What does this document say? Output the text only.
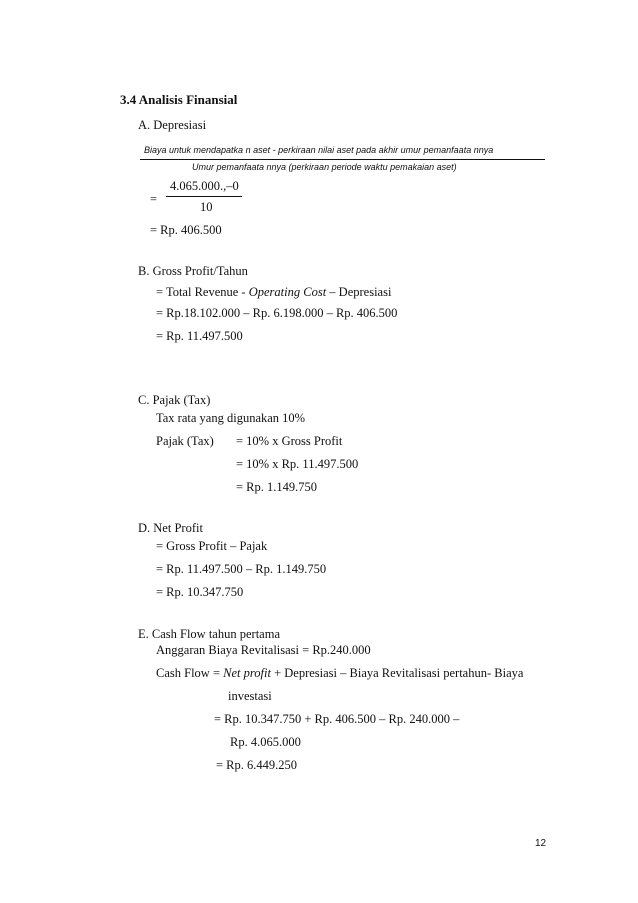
3.4 Analisis Finansial
A. Depresiasi
Biaya untuk mendapatka n aset - perkiraan nilai aset pada akhir umur pemanfaata nnya
Umur pemanfaata nnya (perkiraan periode waktu pemakaian aset)
=
4.065.000.,–0
10
= Rp. 406.500
B. Gross Profit/Tahun
= Total Revenue - Operating Cost – Depresiasi
= Rp.18.102.000 – Rp. 6.198.000 – Rp. 406.500
= Rp. 11.497.500
C. Pajak (Tax)
Tax rata yang digunakan 10%
Pajak (Tax) = 10% x Gross Profit
= 10% x Rp. 11.497.500
= Rp. 1.149.750
D. Net Profit
= Gross Profit – Pajak
= Rp. 11.497.500 – Rp. 1.149.750
= Rp. 10.347.750
E. Cash Flow tahun pertama
Anggaran Biaya Revitalisasi = Rp.240.000
Cash Flow = Net profit + Depresiasi – Biaya Revitalisasi pertahun- Biaya
investasi
= Rp. 10.347.750 + Rp. 406.500 – Rp. 240.000 –
Rp. 4.065.000
= Rp. 6.449.250
12
